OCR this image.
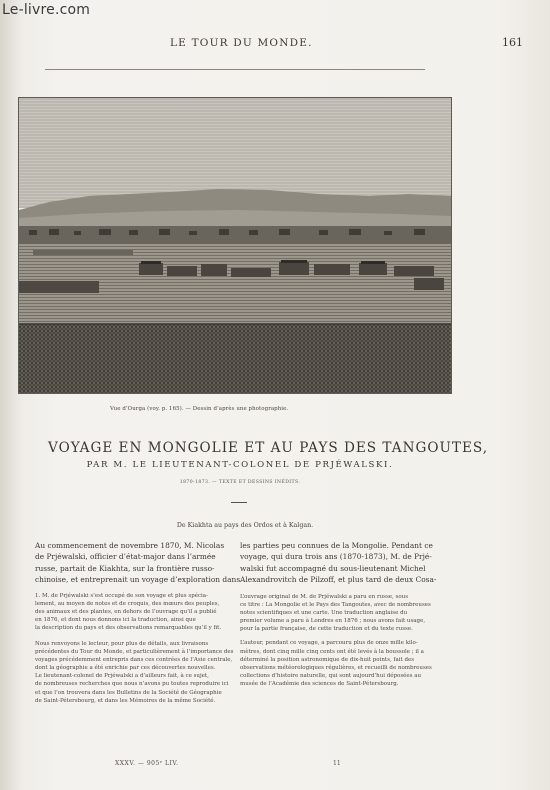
Le-livre.com
LE TOUR DU MONDE.	161
Vue d’Ourga (voy. p. 165). — Dessin d’après une photographie.
VOYAGE EN MONGOLIE ET AU PAYS DES TANGOUTES,
PAR M. LE LIEUTENANT-COLONEL DE PRJÉWALSKI.
1870-1873. — TEXTE ET DESSINS INÉDITS.
De Kiakhta au pays des Ordos et à Kalgan.

Au commencement de novembre 1870, M. Nicolas

de Prjéwalski, officier d’état-major dans l’armée

russe, partait de Kiakhta, sur la frontière russo-

chinoise, et entreprenait un voyage d’exploration dans

les parties peu connues de la Mongolie. Pendant ce

voyage, qui dura trois ans (1870-1873), M. de Prjé-

walski fut accompagné du sous-lieutenant Michel

Alexandrovitch de Pilzoff, et plus tard de deux Cosa-

1. M. de Prjéwalski s’est occupé de son voyage et plus spécia-

lement, au moyen de notes et de croquis, des mœurs des peuples,

des animaux et des plantes, en dehors de l’ouvrage qu’il a publié

en 1876, et dont nous donnons ici la traduction, ainsi que

la description du pays et des observations remarquables qu’il y fit.

Nous renvoyons le lecteur, pour plus de détails, aux livraisons

précédentes du Tour du Monde, et particulièrement à l’importance des

voyages précédemment entrepris dans ces contrées de l’Asie centrale,

dont la géographie a été enrichie par ces découvertes nouvelles.

Le lieutenant-colonel de Prjéwalski a d’ailleurs fait, à ce sujet,

de nombreuses recherches que nous n’avons pu toutes reproduire ici

et que l’on trouvera dans les Bulletins de la Société de Géographie

de Saint-Pétersbourg, et dans les Mémoires de la même Société.

L’ouvrage original de M. de Prjéwalski a paru en russe, sous

ce titre : La Mongolie et le Pays des Tangoutes, avec de nombreuses

notes scientifiques et une carte. Une traduction anglaise du

premier volume a paru à Londres en 1876 ; nous avons fait usage,

pour la partie française, de cette traduction et du texte russe.

L’auteur, pendant ce voyage, a parcouru plus de onze mille kilo-

mètres, dont cinq mille cinq cents ont été levés à la boussole ; il a

déterminé la position astronomique de dix-huit points, fait des

observations météorologiques régulières, et recueilli de nombreuses

collections d’histoire naturelle, qui sont aujourd’hui déposées au

musée de l’Académie des sciences de Saint-Pétersbourg.

XXXV. — 905ᵉ LIV.	11
